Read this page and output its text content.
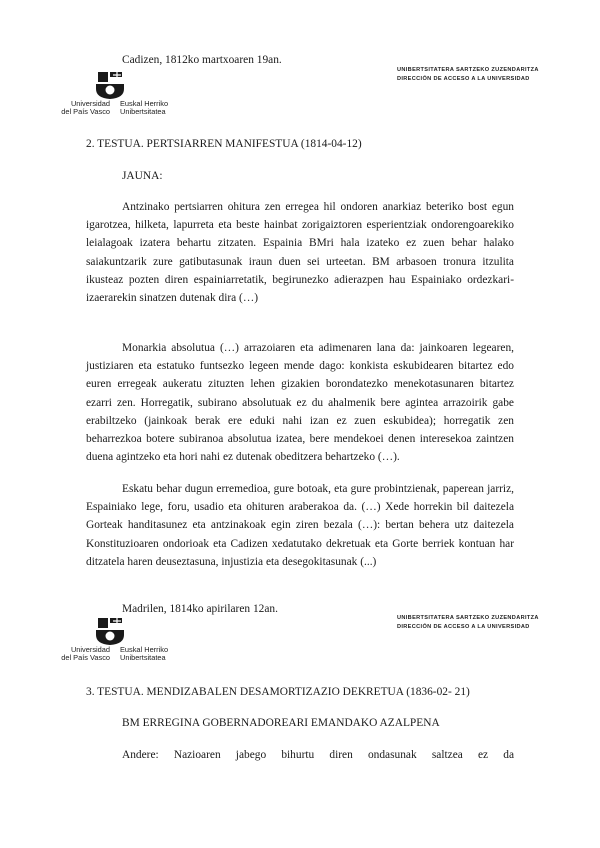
Cadizen, 1812ko martxoaren 19an.
Universidad
del País Vasco
Euskal Herriko
Unibertsitatea
UNIBERTSITATERA SARTZEKO ZUZENDARITZA
DIRECCIÓN DE ACCESO A LA UNIVERSIDAD
2. TESTUA. PERTSIARREN MANIFESTUA (1814-04-12)
JAUNA:
Antzinako pertsiarren ohitura zen erregea hil ondoren anarkiaz beteriko bost egun igarotzea, hilketa, lapurreta eta beste hainbat zorigaiztoren esperientziak ondorengoarekiko leialagoak izatera behartu zitzaten. Espainia BMri hala izateko ez zuen behar halako saiakuntzarik zure gatibutasunak iraun duen sei urteetan. BM arbasoen tronura itzulita ikusteaz pozten diren espainiarretatik, begirunezko adierazpen hau Espainiako ordezkari-izaerarekin sinatzen dutenak dira (…)
Monarkia absolutua (…) arrazoiaren eta adimenaren lana da: jainkoaren legearen, justiziaren eta estatuko funtsezko legeen mende dago: konkista eskubidearen bitartez edo euren erregeak aukeratu zituzten lehen gizakien borondatezko menekotasunaren bitartez ezarri zen. Horregatik, subirano absolutuak ez du ahalmenik bere agintea arrazoirik gabe erabiltzeko (jainkoak berak ere eduki nahi izan ez zuen eskubidea); horregatik zen beharrezkoa botere subiranoa absolutua izatea, bere mendekoei denen interesekoa zaintzen duena agintzeko eta hori nahi ez dutenak obeditzera behartzeko (…).
Eskatu behar dugun erremedioa, gure botoak, eta gure probintzienak, paperean jarriz, Espainiako lege, foru, usadio eta ohituren araberakoa da. (…) Xede horrekin bil daitezela Gorteak handitasunez eta antzinakoak egin ziren bezala (…): bertan behera utz daitezela Konstituzioaren ondorioak eta Cadizen xedatutako dekretuak eta Gorte berriek kontuan har ditzatela haren deuseztasuna, injustizia eta desegokitasunak (...)
Madrilen, 1814ko apirilaren 12an.
Universidad
del País Vasco
Euskal Herriko
Unibertsitatea
UNIBERTSITATERA SARTZEKO ZUZENDARITZA
DIRECCIÓN DE ACCESO A LA UNIVERSIDAD
3. TESTUA. MENDIZABALEN DESAMORTIZAZIO DEKRETUA (1836-02- 21)
BM ERREGINA GOBERNADOREARI EMANDAKO AZALPENA
Andere: Nazioaren jabego bihurtu diren ondasunak saltzea ez da
